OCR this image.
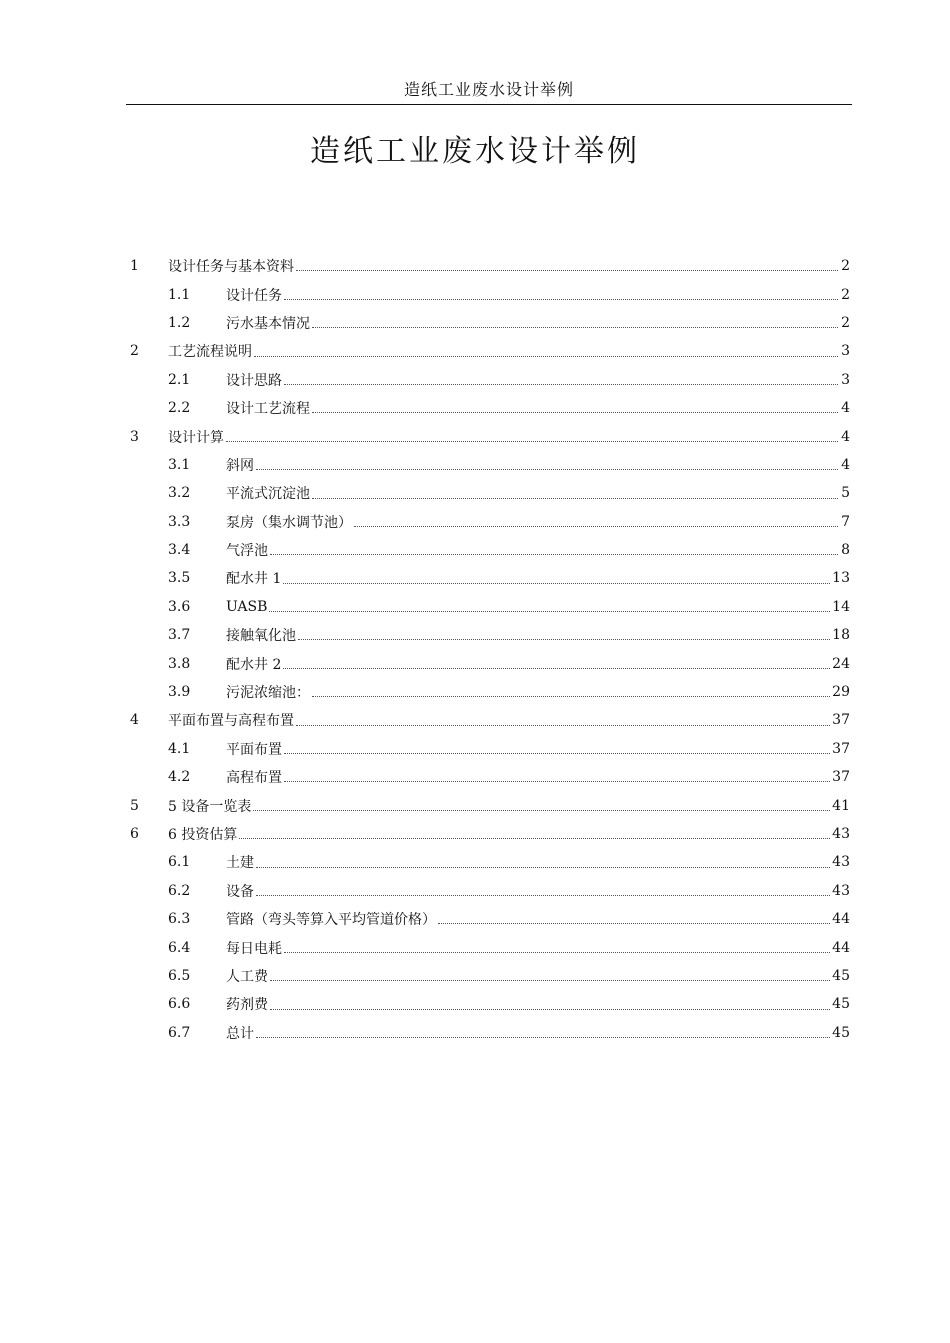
造纸工业废水设计举例
造纸工业废水设计举例
1	设计任务与基本资料	2
1.1	设计任务	2
1.2	污水基本情况	2
2	工艺流程说明	3
2.1	设计思路	3
2.2	设计工艺流程	4
3	设计计算	4
3.1	斜网	4
3.2	平流式沉淀池	5
3.3	泵房（集水调节池）	7
3.4	气浮池	8
3.5	配水井 1	13
3.6	UASB	14
3.7	接触氧化池	18
3.8	配水井 2	24
3.9	污泥浓缩池：	29
4	平面布置与高程布置	37
4.1	平面布置	37
4.2	高程布置	37
5	5 设备一览表	41
6	6 投资估算	43
6.1	土建	43
6.2	设备	43
6.3	管路（弯头等算入平均管道价格）	44
6.4	每日电耗	44
6.5	人工费	45
6.6	药剂费	45
6.7	总计	45
